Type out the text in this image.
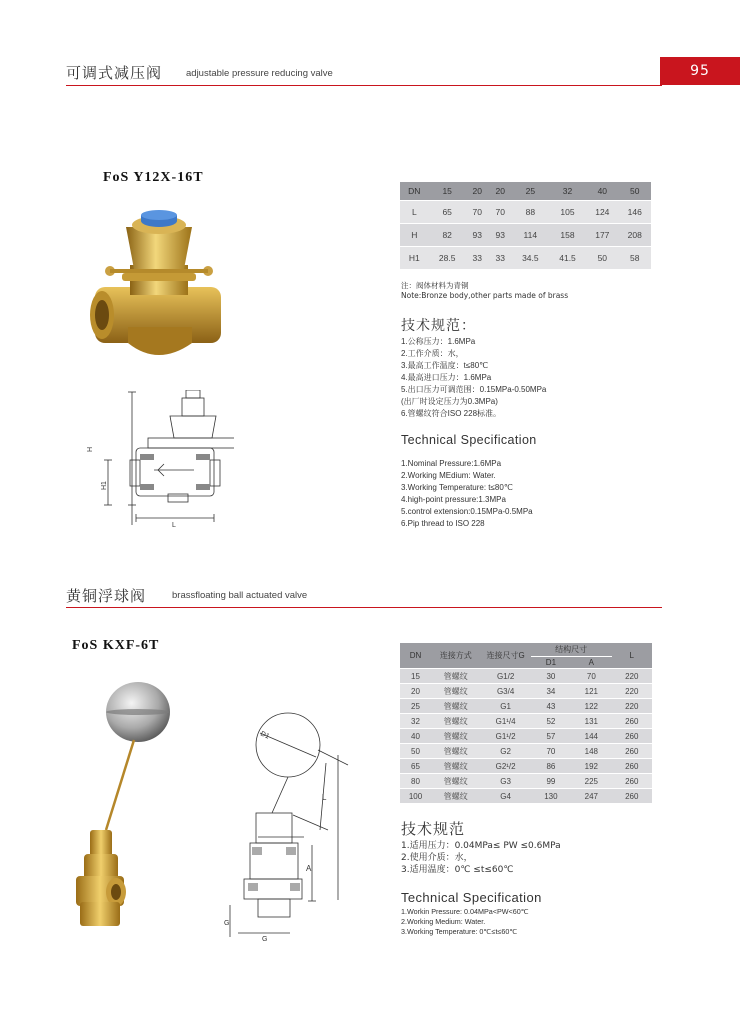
可调式减压阀	adjustable pressure reducing valve	95
FoS Y12X-16T
H
H1
L
DN	15	20	20	25	32	40	50
L	65	70	70	88	105	124	146
H	82	93	93	114	158	177	208
H1	28.5	33	33	34.5	41.5	50	58
注：阀体材料为青铜
Note:Bronze body,other parts made of brass
技术规范：
1.公称压力：1.6MPa
2.工作介质：水，
3.最高工作温度：t≤80℃
4.最高进口压力：1.6MPa
5.出口压力可调范围：0.15MPa-0.50MPa
(出厂时设定压力为0.3MPa)
6.管螺纹符合ISO 228标准。
Technical Specification
1.Nominal Pressure:1.6MPa
2.Working MEdium: Water.
3.Working Temperature: t≤80℃
4.high-point pressure:1.3MPa
5.control extension:0.15MPa-0.5MPa
6.Pip thread to ISO 228
黄铜浮球阀	brassfloating ball actuated valve
FoS KXF-6T
D1
L
A
G
G
DN	连接方式	连接尺寸G	结构尺寸		L
			D1	A	
15	管螺纹	G1/2	30	70	220
20	管螺纹	G3/4	34	121	220
25	管螺纹	G1	43	122	220
32	管螺纹	G1¹/4	52	131	260
40	管螺纹	G1¹/2	57	144	260
50	管螺纹	G2	70	148	260
65	管螺纹	G2¹/2	86	192	260
80	管螺纹	G3	99	225	260
100	管螺纹	G4	130	247	260
技术规范
1.适用压力：0.04MPa≤ PW ≤0.6MPa
2.使用介质：水，
3.适用温度：0℃ ≤t≤60℃
Technical Specification
1.Workin Pressure: 0.04MPa<PW<60℃
2.Working Medium: Water.
3.Working Temperature: 0℃≤t≤60℃
